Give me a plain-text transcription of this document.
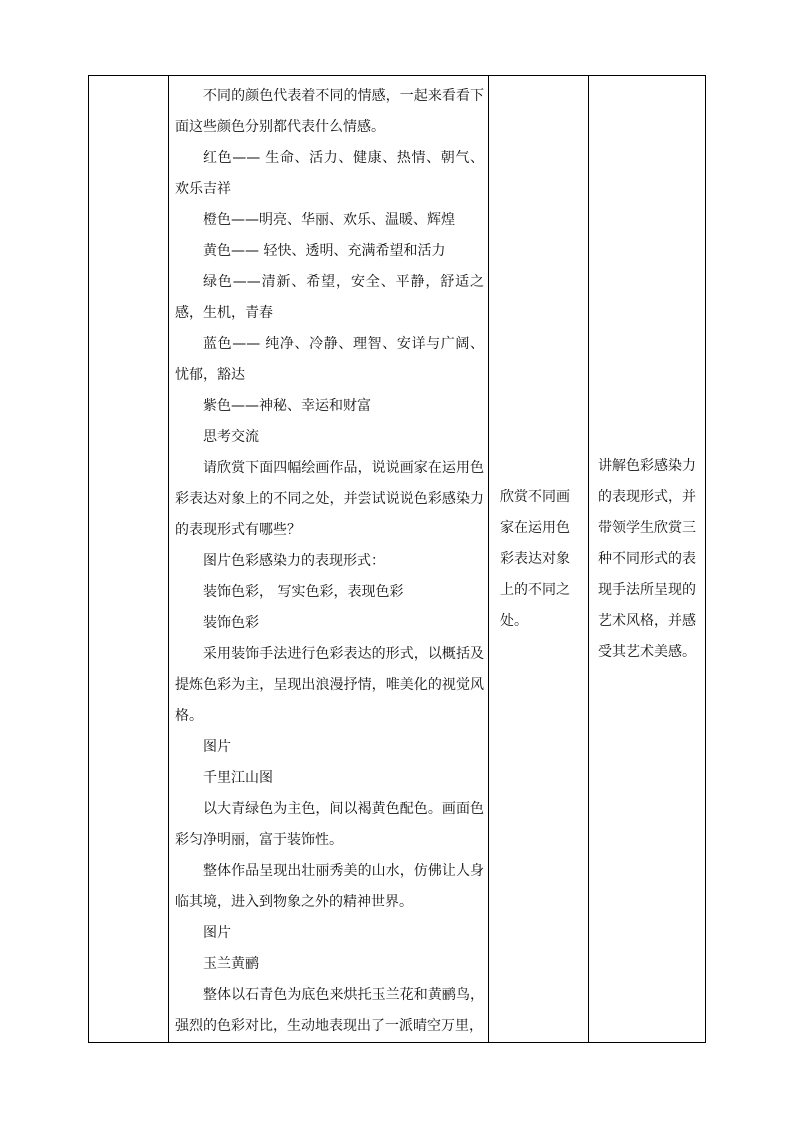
不同的颜色代表着不同的情感，一起来看看下面这些颜色分别都代表什么情感。

红色—— 生命、活力、健康、热情、朝气、欢乐吉祥

橙色——明亮、华丽、欢乐、温暖、辉煌

黄色—— 轻快、透明、充满希望和活力

绿色——清新、希望，安全、平静，舒适之感，生机，青春

蓝色—— 纯净、冷静、理智、安详与广阔、忧郁，豁达

紫色——神秘、幸运和财富

思考交流

请欣赏下面四幅绘画作品，说说画家在运用色彩表达对象上的不同之处，并尝试说说色彩感染力的表现形式有哪些？

图片色彩感染力的表现形式：

装饰色彩， 写实色彩，表现色彩

装饰色彩

采用装饰手法进行色彩表达的形式，以概括及提炼色彩为主，呈现出浪漫抒情，唯美化的视觉风格。

图片

千里江山图

以大青绿色为主色，间以褐黄色配色。画面色彩匀净明丽，富于装饰性。

整体作品呈现出壮丽秀美的山水，仿佛让人身临其境，进入到物象之外的精神世界。

图片

玉兰黄鹂

整体以石青色为底色来烘托玉兰花和黄鹂鸟，强烈的色彩对比，生动地表现出了一派晴空万里，

欣赏不同画家在运用色彩表达对象上的不同之处。

讲解色彩感染力的表现形式，并带领学生欣赏三种不同形式的表现手法所呈现的艺术风格，并感受其艺术美感。
